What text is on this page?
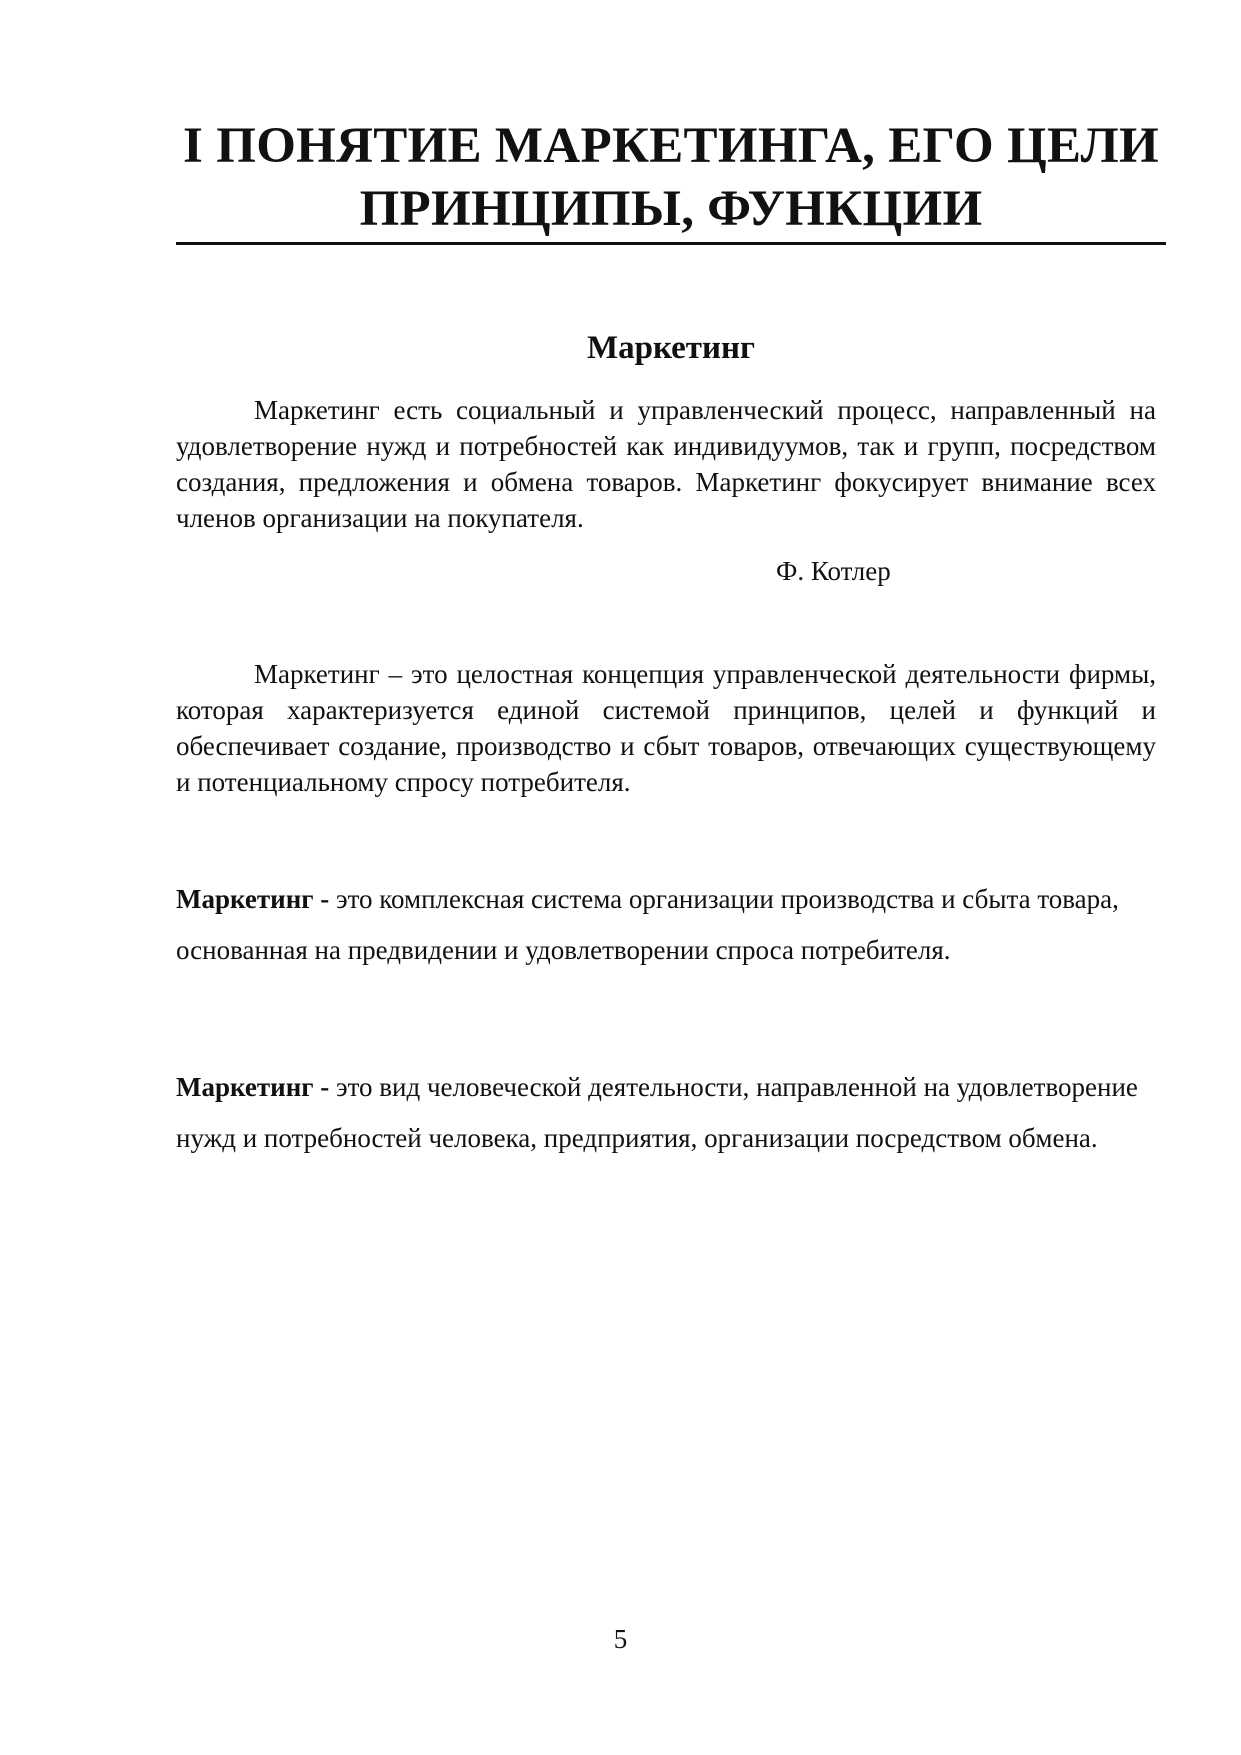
I ПОНЯТИЕ МАРКЕТИНГА, ЕГО ЦЕЛИ
ПРИНЦИПЫ, ФУНКЦИИ
Маркетинг

Маркетинг есть социальный и управленческий процесс, направленный на удовлетворение нужд и потребностей как индивидуумов, так и групп, посредством создания, предложения и обмена товаров. Маркетинг фокусирует внимание всех членов организации на покупателя.

Ф. Котлер

Маркетинг – это целостная концепция управленческой деятельности фирмы, которая характеризуется единой системой принципов, целей и функций и обеспечивает создание, производство и сбыт товаров, отвечающих существующему и потенциальному спросу потребителя.

Маркетинг - это комплексная система организации производства и сбыта товара, основанная на предвидении и удовлетворении спроса потребителя.

Маркетинг - это вид человеческой деятельности, направленной на удовлетворение нужд и потребностей человека, предприятия, организации посредством обмена.

5
